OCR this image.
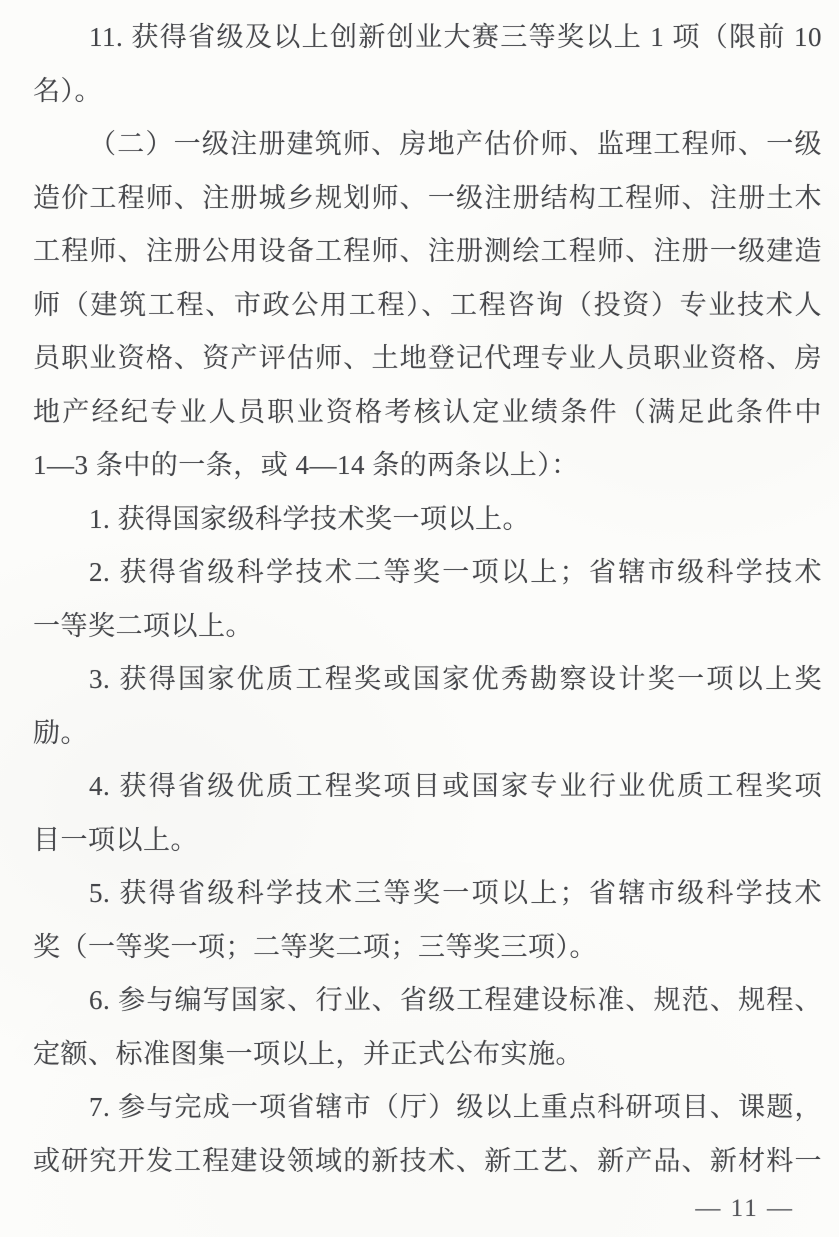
11. 获得省级及以上创新创业大赛三等奖以上 1 项（限前 10
名）。
（二）一级注册建筑师、房地产估价师、监理工程师、一级
造价工程师、注册城乡规划师、一级注册结构工程师、注册土木
工程师、注册公用设备工程师、注册测绘工程师、注册一级建造
师（建筑工程、市政公用工程）、工程咨询（投资）专业技术人
员职业资格、资产评估师、土地登记代理专业人员职业资格、房
地产经纪专业人员职业资格考核认定业绩条件（满足此条件中
1—3 条中的一条，或 4—14 条的两条以上）：
1. 获得国家级科学技术奖一项以上。
2. 获得省级科学技术二等奖一项以上；省辖市级科学技术
一等奖二项以上。
3. 获得国家优质工程奖或国家优秀勘察设计奖一项以上奖
励。
4. 获得省级优质工程奖项目或国家专业行业优质工程奖项
目一项以上。
5. 获得省级科学技术三等奖一项以上；省辖市级科学技术
奖（一等奖一项；二等奖二项；三等奖三项）。
6. 参与编写国家、行业、省级工程建设标准、规范、规程、
定额、标准图集一项以上，并正式公布实施。
7. 参与完成一项省辖市（厅）级以上重点科研项目、课题，
或研究开发工程建设领域的新技术、新工艺、新产品、新材料一
— 11 —
